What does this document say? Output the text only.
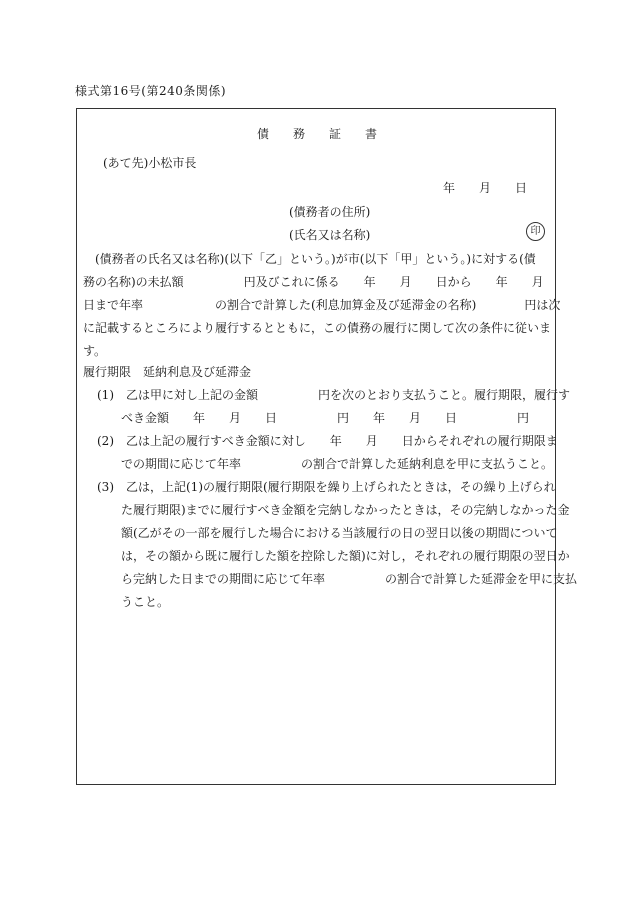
様式第16号(第240条関係)
債 務 証 書
(あて先)小松市長
年　　月　　日
(債務者の住所)
(氏名又は名称)	印
　(債務者の氏名又は名称)(以下「乙」という。)が市(以下「甲」という。)に対する(債
務の名称)の未払額　　　　　円及びこれに係る　　年　　月　　日から　　年　　月
日まで年率　　　　　　の割合で計算した(利息加算金及び延滞金の名称)　　　　円は次
に記載するところにより履行するとともに，この債務の履行に関して次の条件に従いま
す。
履行期限　延納利息及び延滞金
(1)　乙は甲に対し上記の金額　　　　　円を次のとおり支払うこと。履行期限，履行す
　　べき金額　　年　　月　　日　　　　　円　　年　　月　　日　　　　　円
(2)　乙は上記の履行すべき金額に対し　　年　　月　　日からそれぞれの履行期限ま
　　での期間に応じて年率　　　　　の割合で計算した延納利息を甲に支払うこと。
(3)　乙は，上記(1)の履行期限(履行期限を繰り上げられたときは，その繰り上げられ
　　た履行期限)までに履行すべき金額を完納しなかったときは，その完納しなかった金
　　額(乙がその一部を履行した場合における当該履行の日の翌日以後の期間について
　　は，その額から既に履行した額を控除した額)に対し，それぞれの履行期限の翌日か
　　ら完納した日までの期間に応じて年率　　　　　の割合で計算した延滞金を甲に支払
　　うこと。
